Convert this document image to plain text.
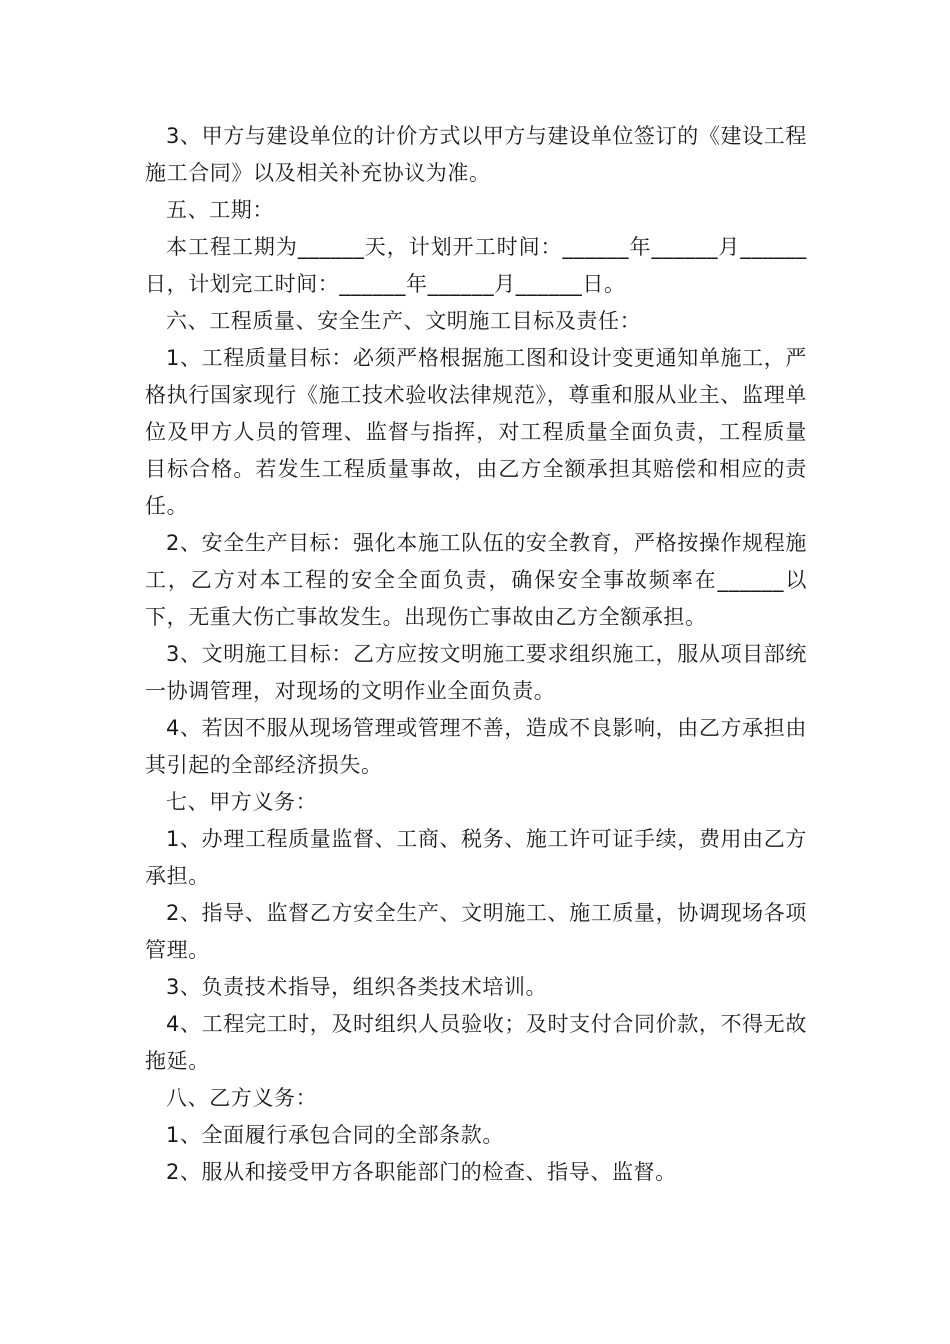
3、甲方与建设单位的计价方式以甲方与建设单位签订的《建设工程施工合同》以及相关补充协议为准。

五、工期：

本工程工期为______天，计划开工时间：______年______月______日，计划完工时间：______年______月______日。

六、工程质量、安全生产、文明施工目标及责任：

1、工程质量目标：必须严格根据施工图和设计变更通知单施工，严格执行国家现行《施工技术验收法律规范》，尊重和服从业主、监理单位及甲方人员的管理、监督与指挥，对工程质量全面负责，工程质量目标合格。若发生工程质量事故，由乙方全额承担其赔偿和相应的责任。

2、安全生产目标：强化本施工队伍的安全教育，严格按操作规程施工，乙方对本工程的安全全面负责，确保安全事故频率在______以下，无重大伤亡事故发生。出现伤亡事故由乙方全额承担。

3、文明施工目标：乙方应按文明施工要求组织施工，服从项目部统一协调管理，对现场的文明作业全面负责。

4、若因不服从现场管理或管理不善，造成不良影响，由乙方承担由其引起的全部经济损失。

七、甲方义务：

1、办理工程质量监督、工商、税务、施工许可证手续，费用由乙方承担。

2、指导、监督乙方安全生产、文明施工、施工质量，协调现场各项管理。

3、负责技术指导，组织各类技术培训。

4、工程完工时，及时组织人员验收；及时支付合同价款，不得无故拖延。

八、乙方义务：

1、全面履行承包合同的全部条款。

2、服从和接受甲方各职能部门的检查、指导、监督。
